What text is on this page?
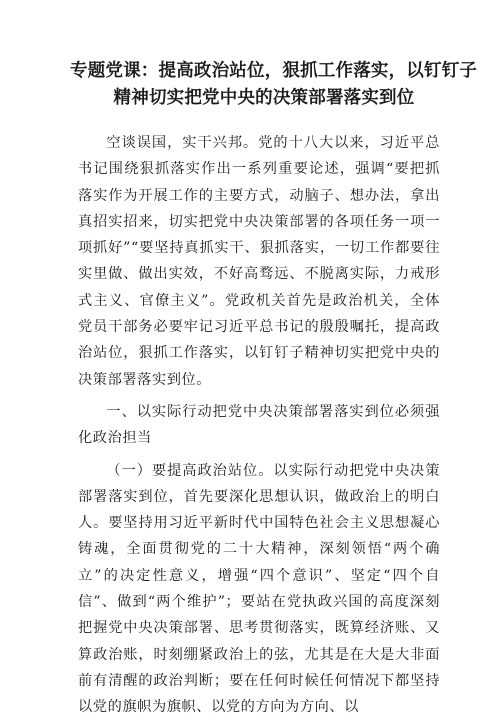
专题党课：提高政治站位，狠抓工作落实，以钉钉子
精神切实把党中央的决策部署落实到位

空谈误国，实干兴邦。党的十八大以来，习近平总书记围绕狠抓落实作出一系列重要论述，强调“要把抓落实作为开展工作的主要方式，动脑子、想办法，拿出真招实招来，切实把党中央决策部署的各项任务一项一项抓好”“要坚持真抓实干、狠抓落实，一切工作都要往实里做、做出实效，不好高骛远、不脱离实际，力戒形式主义、官僚主义”。党政机关首先是政治机关，全体党员干部务必要牢记习近平总书记的殷殷嘱托，提高政治站位，狠抓工作落实，以钉钉子精神切实把党中央的决策部署落实到位。

一、以实际行动把党中央决策部署落实到位必须强化政治担当

（一）要提高政治站位。以实际行动把党中央决策部署落实到位，首先要深化思想认识，做政治上的明白人。要坚持用习近平新时代中国特色社会主义思想凝心铸魂，全面贯彻党的二十大精神，深刻领悟“两个确立”的决定性意义，增强“四个意识”、坚定“四个自信”、做到“两个维护”；要站在党执政兴国的高度深刻把握党中央决策部署、思考贯彻落实，既算经济账、又算政治账，时刻绷紧政治上的弦，尤其是在大是大非面前有清醒的政治判断；要在任何时候任何情况下都坚持以党的旗帜为旗帜、以党的方向为方向、以
